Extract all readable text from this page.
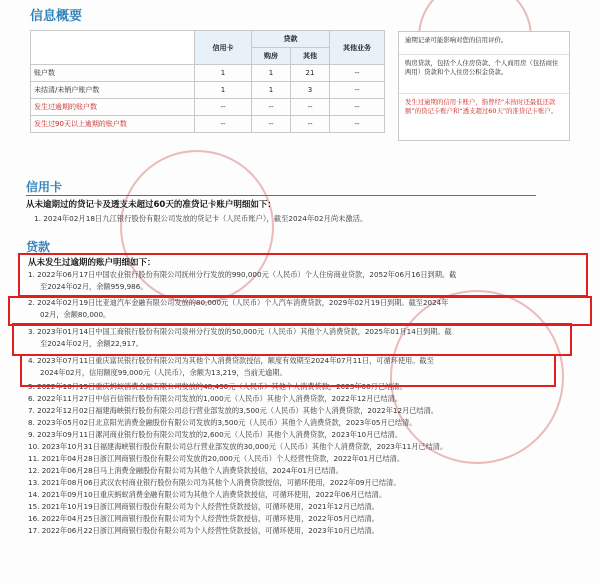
信息概要
	信用卡	贷款		其他业务
		购房	其他	
账户数	1	1	21	--
未结清/未销户账户数	1	1	3	--
发生过逾期的账户数	--	--	--	--
发生过90天以上逾期的账户数	--	--	--	--
逾期记录可能影响对您的信用评价。
购房贷款，包括个人住房贷款、个人商用房（包括商住两用）贷款和个人住房公积金贷款。
发生过逾期的信用卡账户，指曾经“未按时还最低还款额”的贷记卡账户和“透支超过60天”的准贷记卡账户。
信用卡
从未逾期过的贷记卡及透支未超过60天的准贷记卡账户明细如下：
1. 2024年02月18日九江银行股份有限公司发放的贷记卡（人民币账户），截至2024年02月尚未激活。
贷款
从未发生过逾期的账户明细如下：
1. 2022年06月17日中国农业银行股份有限公司抚州分行发放的990,000元（人民币）个人住房商业贷款，2052年06月16日到期。截
至2024年02月，余额959,986。
2. 2024年02月19日比亚迪汽车金融有限公司发放的80,000元（人民币）个人汽车消费贷款，2029年02月19日到期。截至2024年
02月，余额80,000。
3. 2023年01月14日中国工商银行股份有限公司泉州分行发放的50,000元（人民币）其他个人消费贷款，2025年01月14日到期。截
至2024年02月，余额22,917。
4. 2023年07月11日重庆富民银行股份有限公司为其他个人消费贷款授信，额度有效期至2024年07月11日，可循环使用。截至
2024年02月，信用额度99,000元（人民币），余额为13,219，当前无逾期。
5. 2022年10月15日重庆蚂蚁消费金融有限公司发放的48,430元（人民币）其他个人消费贷款，2023年06月已结清。
6. 2022年11月27日中信百信银行股份有限公司发放的1,000元（人民币）其他个人消费贷款，2022年12月已结清。
7. 2022年12月02日福建海峡银行股份有限公司总行营业部发放的3,500元（人民币）其他个人消费贷款，2022年12月已结清。
8. 2023年05月02日北京阳光消费金融股份有限公司发放的3,500元（人民币）其他个人消费贷款，2023年05月已结清。
9. 2023年09月11日漯河商业银行股份有限公司发放的2,600元（人民币）其他个人消费贷款，2023年10月已结清。
10. 2023年10月31日福建海峡银行股份有限公司总行营业部发放的30,000元（人民币）其他个人消费贷款，2023年11月已结清。
11. 2021年04月28日浙江网商银行股份有限公司发放的20,000元（人民币）个人经营性贷款，2022年01月已结清。
12. 2021年06月28日马上消费金融股份有限公司为其他个人消费贷款授信，2024年01月已结清。
13. 2021年08月06日武汉农村商业银行股份有限公司为其他个人消费贷款授信，可循环使用，2022年09月已结清。
14. 2021年09月10日重庆蚂蚁消费金融有限公司为其他个人消费贷款授信，可循环使用，2022年06月已结清。
15. 2021年10月19日浙江网商银行股份有限公司为个人经营性贷款授信，可循环使用，2021年12月已结清。
16. 2022年04月25日浙江网商银行股份有限公司为个人经营性贷款授信，可循环使用，2022年05月已结清。
17. 2022年06月22日浙江网商银行股份有限公司为个人经营性贷款授信，可循环使用，2023年10月已结清。
